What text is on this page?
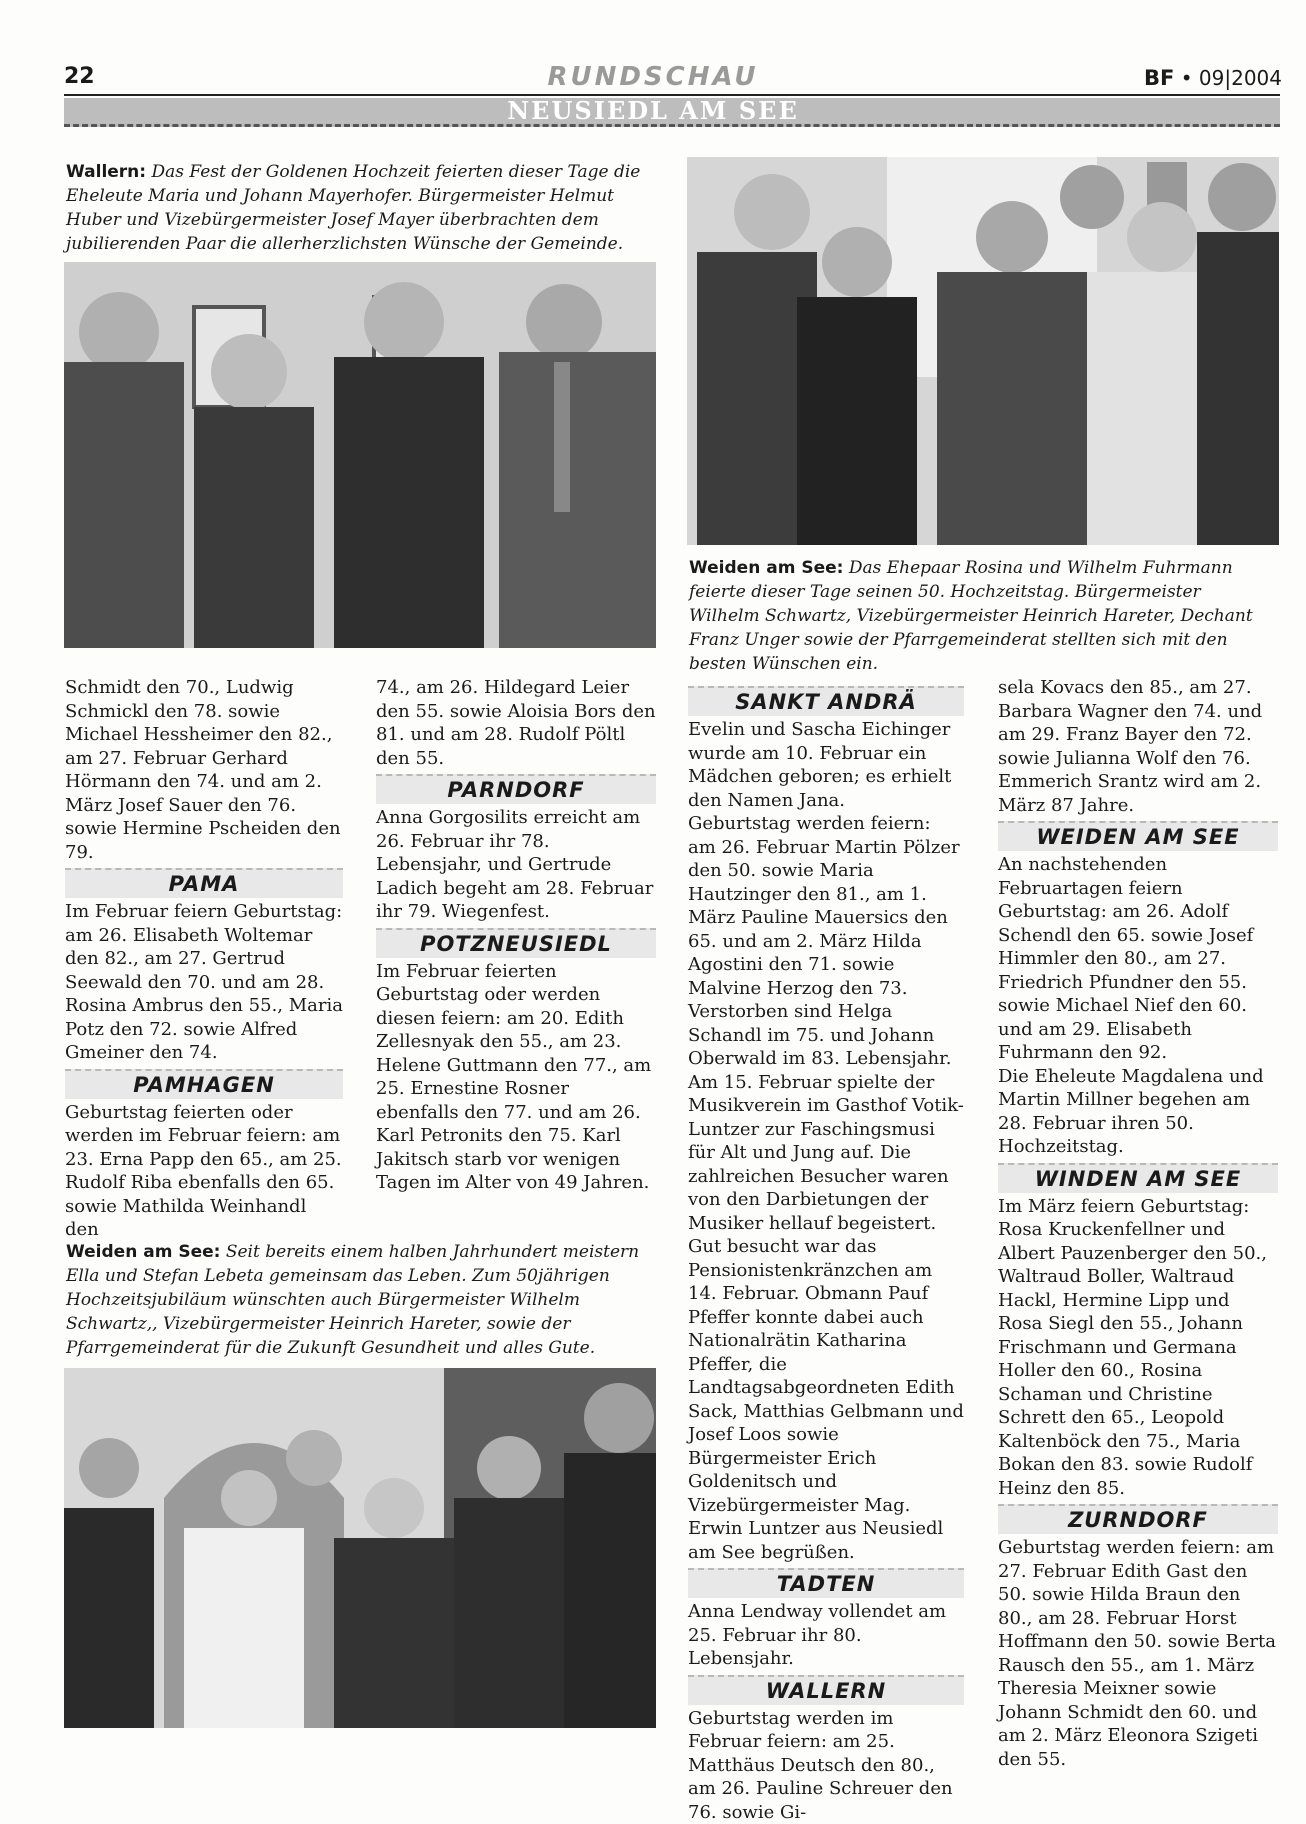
22	RUNDSCHAU	BF • 09|2004
NEUSIEDL AM SEE
Wallern: Das Fest der Goldenen Hochzeit feierten dieser Tage die Eheleute Maria und Johann Mayerhofer. Bürgermeister Helmut Huber und Vizebürgermeister Josef Mayer überbrachten dem jubilierenden Paar die allerherzlichsten Wünsche der Gemeinde.
Weiden am See: Das Ehepaar Rosina und Wilhelm Fuhrmann feierte dieser Tage seinen 50. Hochzeitstag. Bürgermeister Wilhelm Schwartz, Vizebürgermeister Heinrich Hareter, Dechant Franz Unger sowie der Pfarrgemeinderat stellten sich mit den besten Wünschen ein.

Schmidt den 70., Ludwig Schmickl den 78. sowie Michael Hessheimer den 82., am 27. Februar Gerhard Hörmann den 74. und am 2. März Josef Sauer den 76. sowie Hermine Pscheiden den 79.

PAMA

Im Februar feiern Geburtstag: am 26. Elisabeth Woltemar den 82., am 27. Gertrud Seewald den 70. und am 28. Rosina Ambrus den 55., Maria Potz den 72. sowie Alfred Gmeiner den 74.

PAMHAGEN

Geburtstag feierten oder werden im Februar feiern: am 23. Erna Papp den 65., am 25. Rudolf Riba ebenfalls den 65. sowie Mathilda Weinhandl den

74., am 26. Hildegard Leier den 55. sowie Aloisia Bors den 81. und am 28. Rudolf Pöltl den 55.

PARNDORF

Anna Gorgosilits erreicht am 26. Februar ihr 78. Lebensjahr, und Gertrude Ladich begeht am 28. Februar ihr 79. Wiegenfest.

POTZNEUSIEDL

Im Februar feierten Geburtstag oder werden diesen feiern: am 20. Edith Zellesnyak den 55., am 23. Helene Guttmann den 77., am 25. Ernestine Rosner ebenfalls den 77. und am 26. Karl Petronits den 75. Karl Jakitsch starb vor wenigen Tagen im Alter von 49 Jahren.

Weiden am See: Seit bereits einem halben Jahrhundert meistern Ella und Stefan Lebeta gemeinsam das Leben. Zum 50jährigen Hochzeitsjubiläum wünschten auch Bürgermeister Wilhelm Schwartz,, Vizebürgermeister Heinrich Hareter, sowie der Pfarrgemeinderat für die Zukunft Gesundheit und alles Gute.
SANKT ANDRÄ

Evelin und Sascha Eichinger wurde am 10. Februar ein Mädchen geboren; es erhielt den Namen Jana.

Geburtstag werden feiern: am 26. Februar Martin Pölzer den 50. sowie Maria Hautzinger den 81., am 1. März Pauline Mauersics den 65. und am 2. März Hilda Agostini den 71. sowie Malvine Herzog den 73. Verstorben sind Helga Schandl im 75. und Johann Oberwald im 83. Lebensjahr.

Am 15. Februar spielte der Musikverein im Gasthof Votik-Luntzer zur Faschingsmusi für Alt und Jung auf. Die zahlreichen Besucher waren von den Darbietungen der Musiker hellauf begeistert.

Gut besucht war das Pensionistenkränzchen am 14. Februar. Obmann Pauf Pfeffer konnte dabei auch Nationalrätin Katharina Pfeffer, die Landtagsabgeordneten Edith Sack, Matthias Gelbmann und Josef Loos sowie Bürgermeister Erich Goldenitsch und Vizebürgermeister Mag. Erwin Luntzer aus Neusiedl am See begrüßen.

TADTEN

Anna Lendway vollendet am 25. Februar ihr 80. Lebensjahr.

WALLERN

Geburtstag werden im Februar feiern: am 25. Matthäus Deutsch den 80., am 26. Pauline Schreuer den 76. sowie Gi-

sela Kovacs den 85., am 27. Barbara Wagner den 74. und am 29. Franz Bayer den 72. sowie Julianna Wolf den 76. Emmerich Srantz wird am 2. März 87 Jahre.

WEIDEN AM SEE

An nachstehenden Februartagen feiern Geburtstag: am 26. Adolf Schendl den 65. sowie Josef Himmler den 80., am 27. Friedrich Pfundner den 55. sowie Michael Nief den 60. und am 29. Elisabeth Fuhrmann den 92.

Die Eheleute Magdalena und Martin Millner begehen am 28. Februar ihren 50. Hochzeitstag.

WINDEN AM SEE

Im März feiern Geburtstag: Rosa Kruckenfellner und Albert Pauzenberger den 50., Waltraud Boller, Waltraud Hackl, Hermine Lipp und Rosa Siegl den 55., Johann Frischmann und Germana Holler den 60., Rosina Schaman und Christine Schrett den 65., Leopold Kaltenböck den 75., Maria Bokan den 83. sowie Rudolf Heinz den 85.

ZURNDORF

Geburtstag werden feiern: am 27. Februar Edith Gast den 50. sowie Hilda Braun den 80., am 28. Februar Horst Hoffmann den 50. sowie Berta Rausch den 55., am 1. März Theresia Meixner sowie Johann Schmidt den 60. und am 2. März Eleonora Szigeti den 55.
